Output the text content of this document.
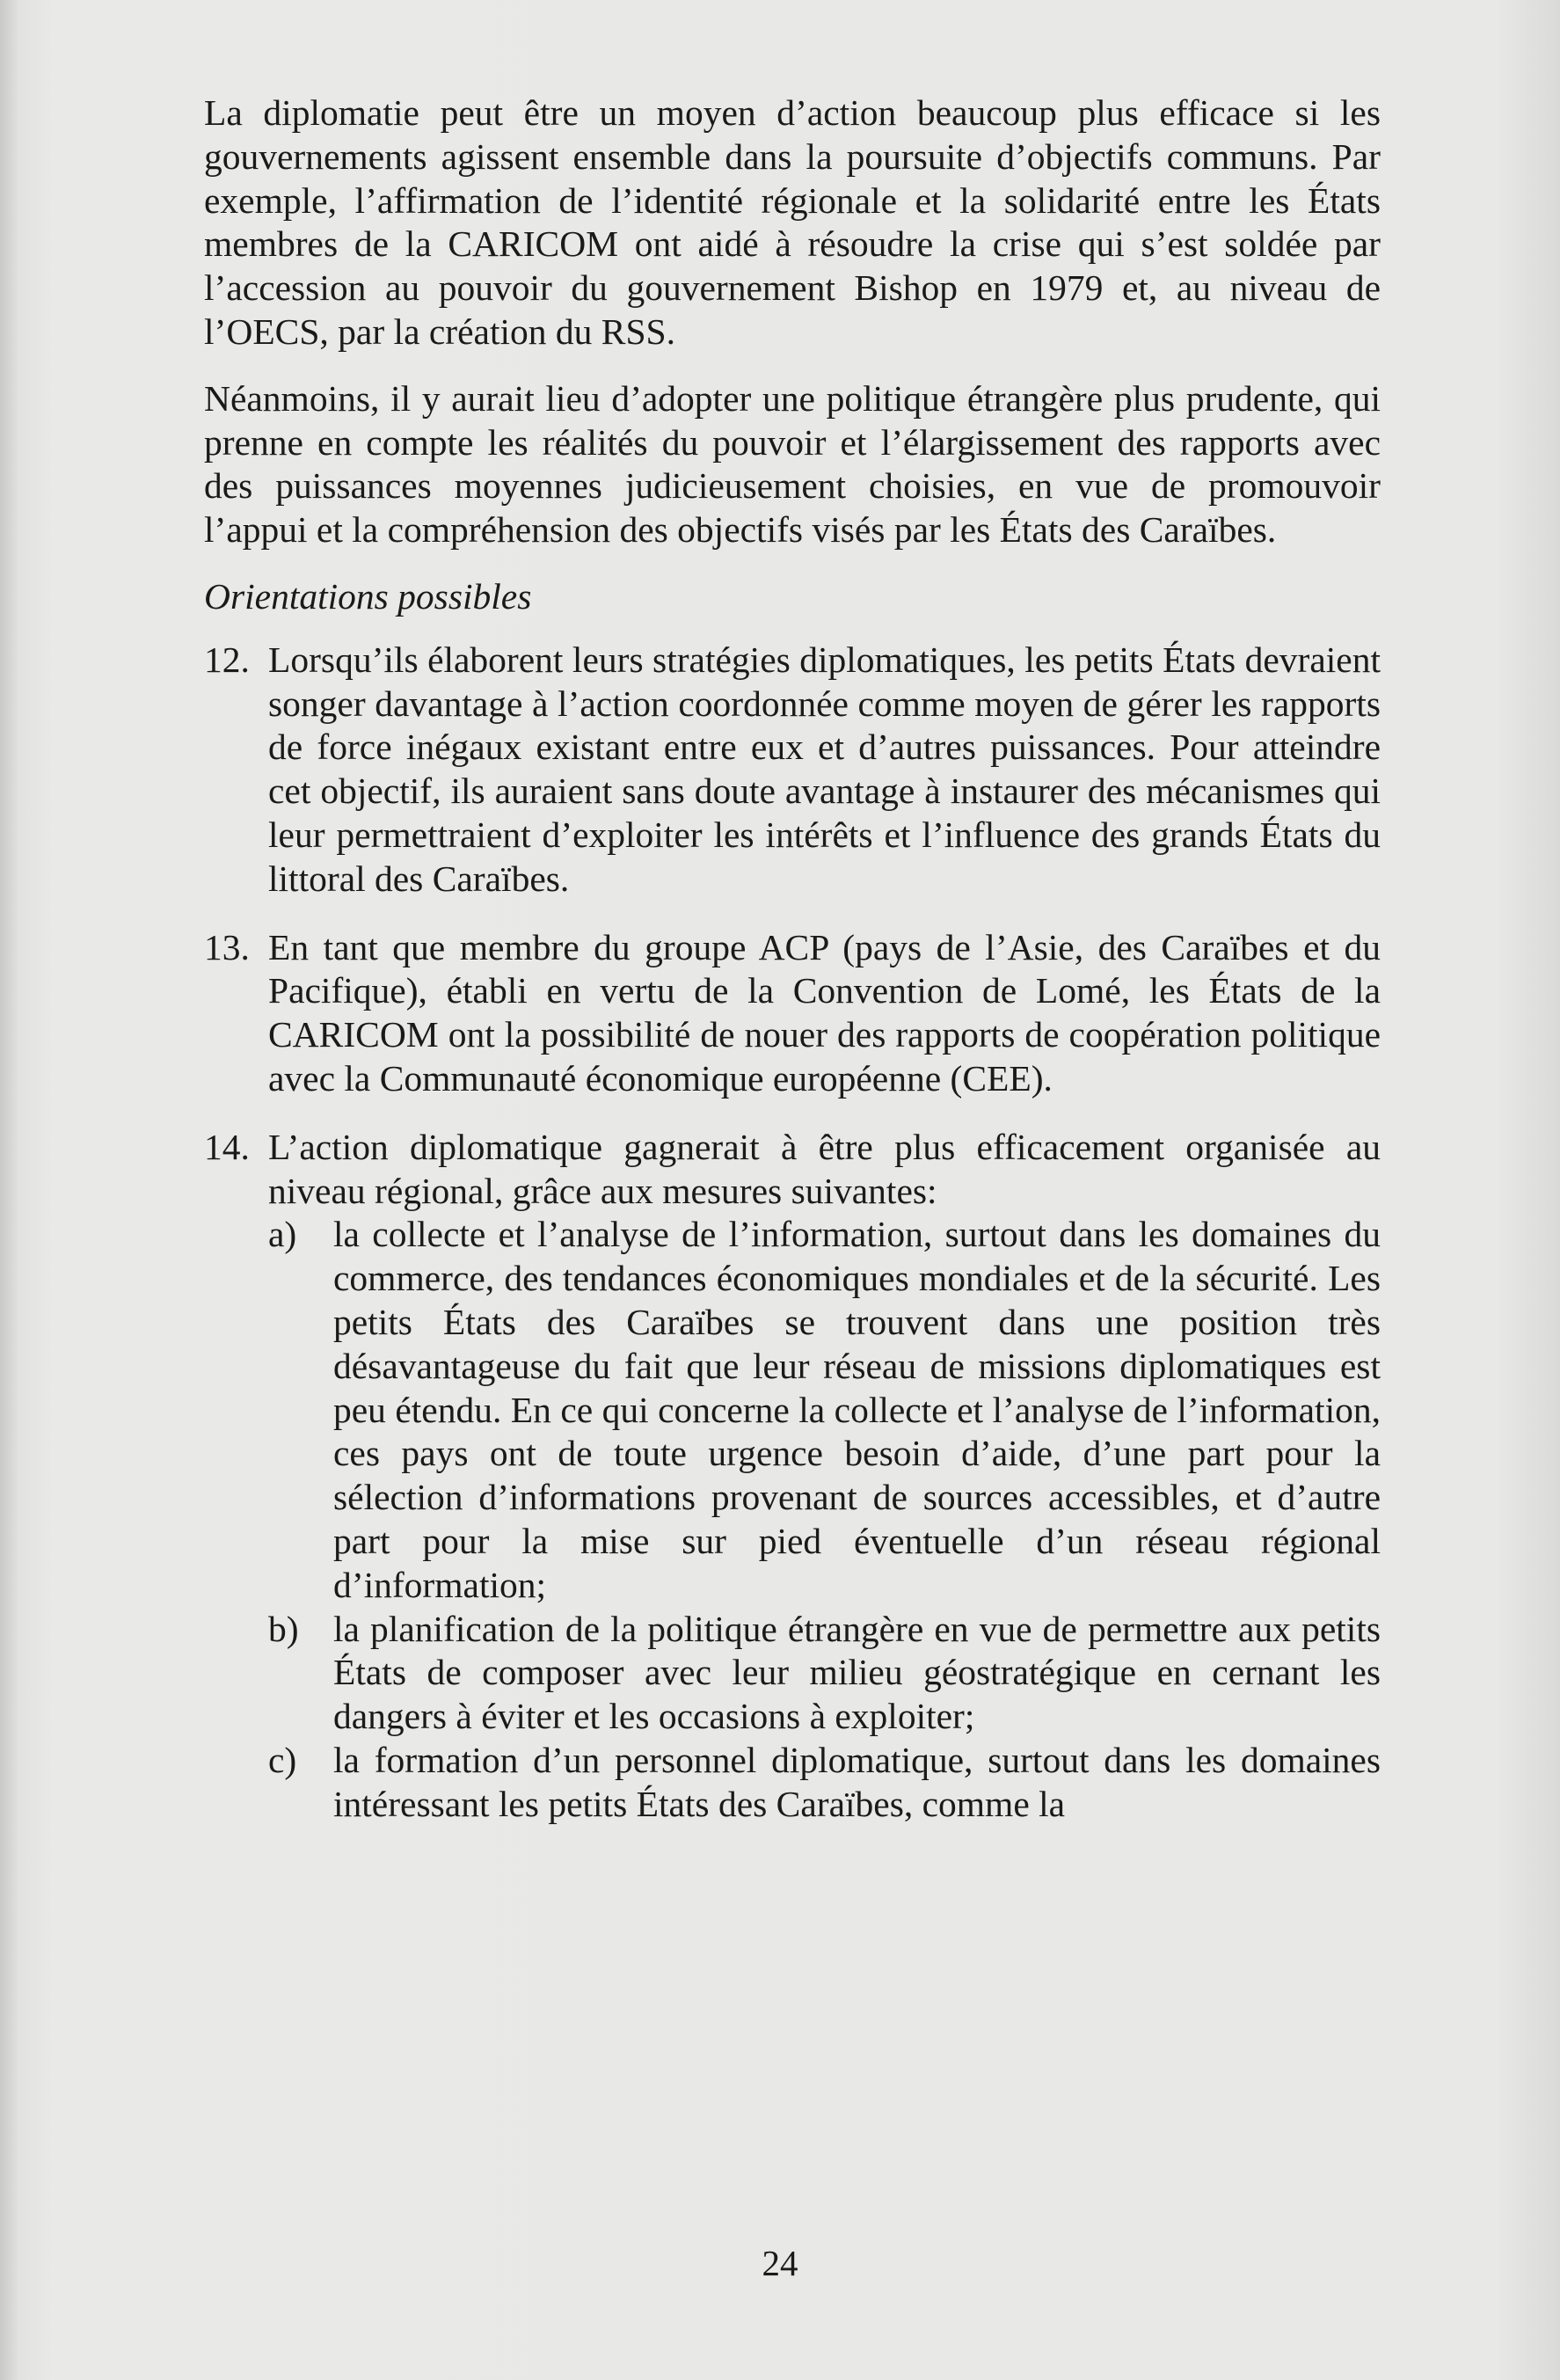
La diplomatie peut être un moyen d’action beaucoup plus efficace si les gouvernements agissent ensemble dans la poursuite d’objectifs communs. Par exemple, l’affirmation de l’identité régionale et la solidarité entre les États membres de la CARICOM ont aidé à résoudre la crise qui s’est soldée par l’accession au pouvoir du gouvernement Bishop en 1979 et, au niveau de l’OECS, par la création du RSS.

Néanmoins, il y aurait lieu d’adopter une politique étrangère plus prudente, qui prenne en compte les réalités du pouvoir et l’élargissement des rapports avec des puissances moyennes judicieusement choisies, en vue de promouvoir l’appui et la compréhension des objectifs visés par les États des Caraïbes.

Orientations possibles

12. Lorsqu’ils élaborent leurs stratégies diplomatiques, les petits États devraient songer davantage à l’action coordonnée comme moyen de gérer les rapports de force inégaux existant entre eux et d’autres puissances. Pour atteindre cet objectif, ils auraient sans doute avantage à instaurer des mécanismes qui leur permettraient d’exploiter les intérêts et l’influence des grands États du littoral des Caraïbes.
13. En tant que membre du groupe ACP (pays de l’Asie, des Caraïbes et du Pacifique), établi en vertu de la Convention de Lomé, les États de la CARICOM ont la possibilité de nouer des rapports de coopération politique avec la Communauté économique européenne (CEE).
14. L’action diplomatique gagnerait à être plus efficacement organisée au niveau régional, grâce aux mesures suivantes:

a)	la collecte et l’analyse de l’information, surtout dans les domaines du commerce, des tendances économiques mondiales et de la sécurité. Les petits États des Caraïbes se trouvent dans une position très désavantageuse du fait que leur réseau de missions diplomatiques est peu étendu. En ce qui concerne la collecte et l’analyse de l’information, ces pays ont de toute urgence besoin d’aide, d’une part pour la sélection d’informations provenant de sources accessibles, et d’autre part pour la mise sur pied éventuelle d’un réseau régional d’information;
b) la planification de la politique étrangère en vue de permettre aux petits États de composer avec leur milieu géostratégique en cernant les dangers à éviter et les occasions à exploiter;
c)	la formation d’un personnel diplomatique, surtout dans les domaines intéressant les petits États des Caraïbes, comme la
24
